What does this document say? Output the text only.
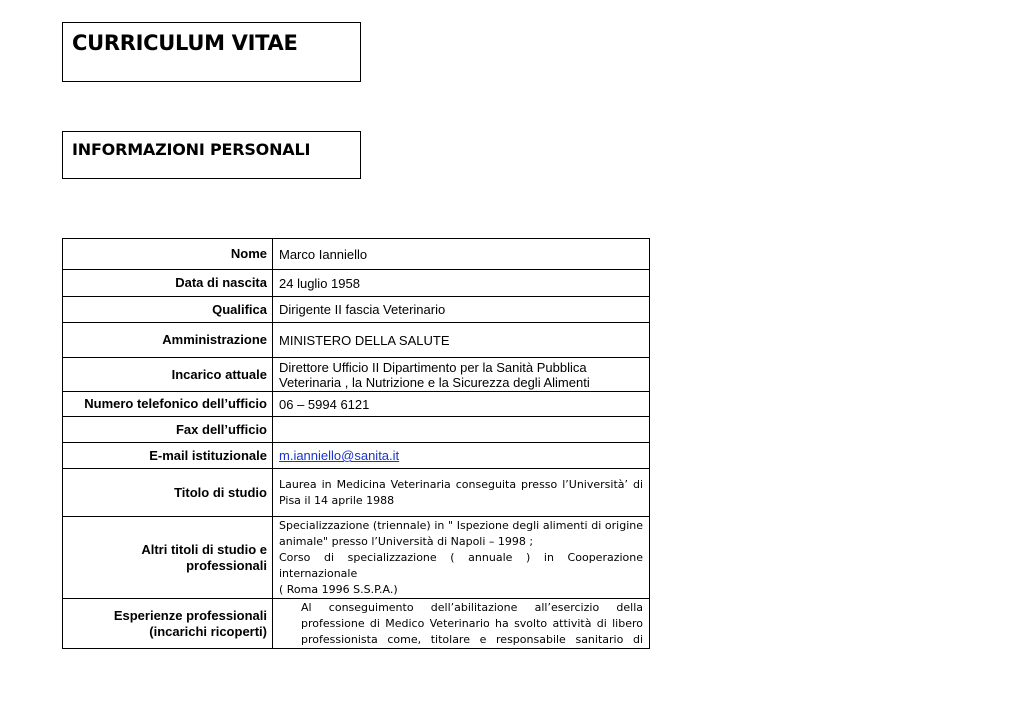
CURRICULUM VITAE
INFORMAZIONI PERSONALI
Nome	Marco Ianniello
Data di nascita	24 luglio 1958
Qualifica	Dirigente II fascia Veterinario
Amministrazione	MINISTERO DELLA SALUTE
Incarico attuale	Direttore Ufficio II Dipartimento per la Sanità Pubblica
Veterinaria , la Nutrizione e la Sicurezza degli Alimenti

Numero telefonico dell’ufficio	06 – 5994 6121
Fax dell’ufficio	
E-mail istituzionale	m.ianniello@sanita.it
Titolo di studio	Laurea in Medicina Veterinaria conseguita presso l’Università’ di
Pisa il 14 aprile 1988

Altri titoli di studio e
professionali	Specializzazione (triennale) in " Ispezione degli alimenti di origine
animale" presso l’Università di Napoli – 1998 ;
Corso di specializzazione ( annuale ) in Cooperazione internazionale
( Roma 1996 S.S.P.A.)

Esperienze professionali
(incarichi ricoperti)	Al conseguimento dell’abilitazione all’esercizio della
professione di Medico Veterinario ha svolto attività di libero
professionista come, titolare e responsabile sanitario di
